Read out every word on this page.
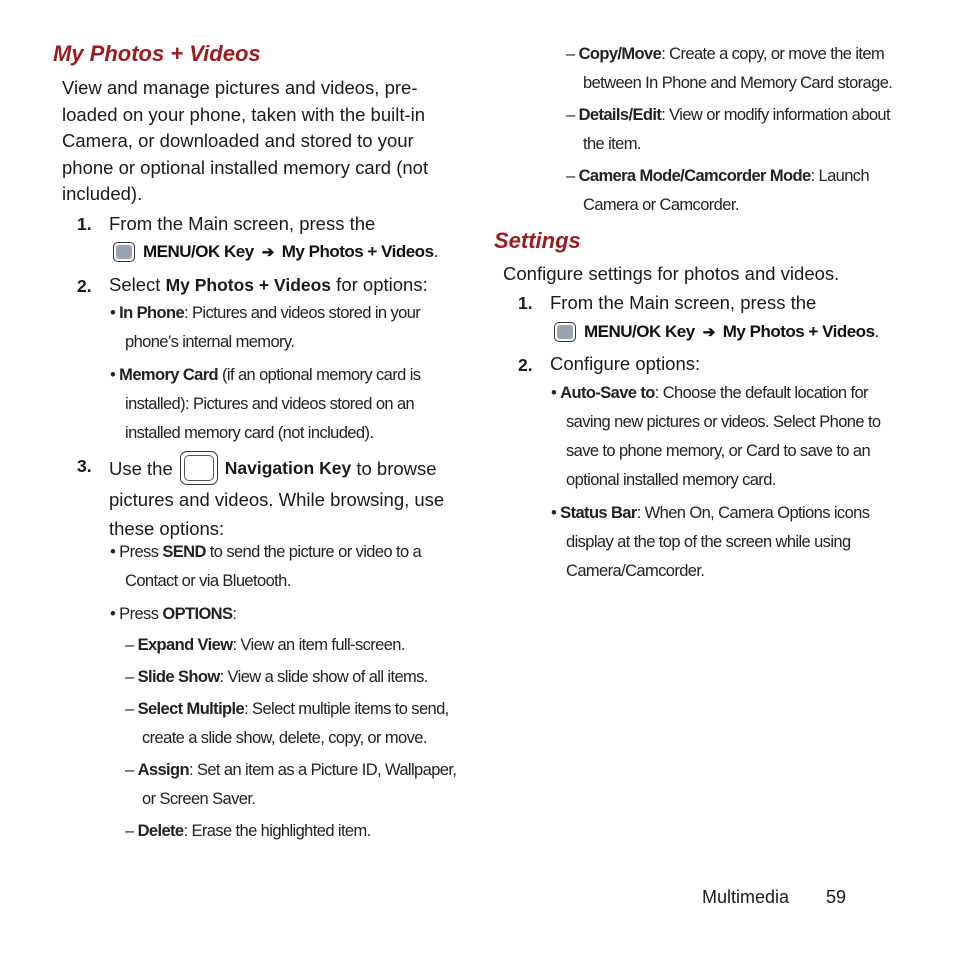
My Photos + Videos
View and manage pictures and videos, pre-
loaded on your phone, taken with the built-in
Camera, or downloaded and stored to your
phone or optional installed memory card (not
included).
1. From the Main screen, press the
MENU/OK Key ➔ My Photos + Videos .
2. Select My Photos + Videos for options:
• In Phone: Pictures and videos stored in your
phone’s internal memory.
• Memory Card (if an optional memory card is
installed): Pictures and videos stored on an
installed memory card (not included).
3. Use the	Navigation Key to browse
pictures and videos. While browsing, use
these options:
• Press SEND to send the picture or video to a
Contact or via Bluetooth.
• Press OPTIONS:
– Expand View: View an item full-screen.
– Slide Show: View a slide show of all items.
– Select Multiple: Select multiple items to send,
create a slide show, delete, copy, or move.
– Assign: Set an item as a Picture ID, Wallpaper,
or Screen Saver.
– Delete: Erase the highlighted item.
– Copy/Move: Create a copy, or move the item
between In Phone and Memory Card storage.
– Details/Edit: View or modify information about
the item.
– Camera Mode/Camcorder Mode: Launch
Camera or Camcorder.
Settings
Configure settings for photos and videos.
1. From the Main screen, press the
MENU/OK Key ➔ My Photos + Videos .
2. Configure options:
• Auto-Save to: Choose the default location for
saving new pictures or videos. Select Phone to
save to phone memory, or Card to save to an
optional installed memory card.
• Status Bar: When On, Camera Options icons
display at the top of the screen while using
Camera/Camcorder.
Multimedia 59
